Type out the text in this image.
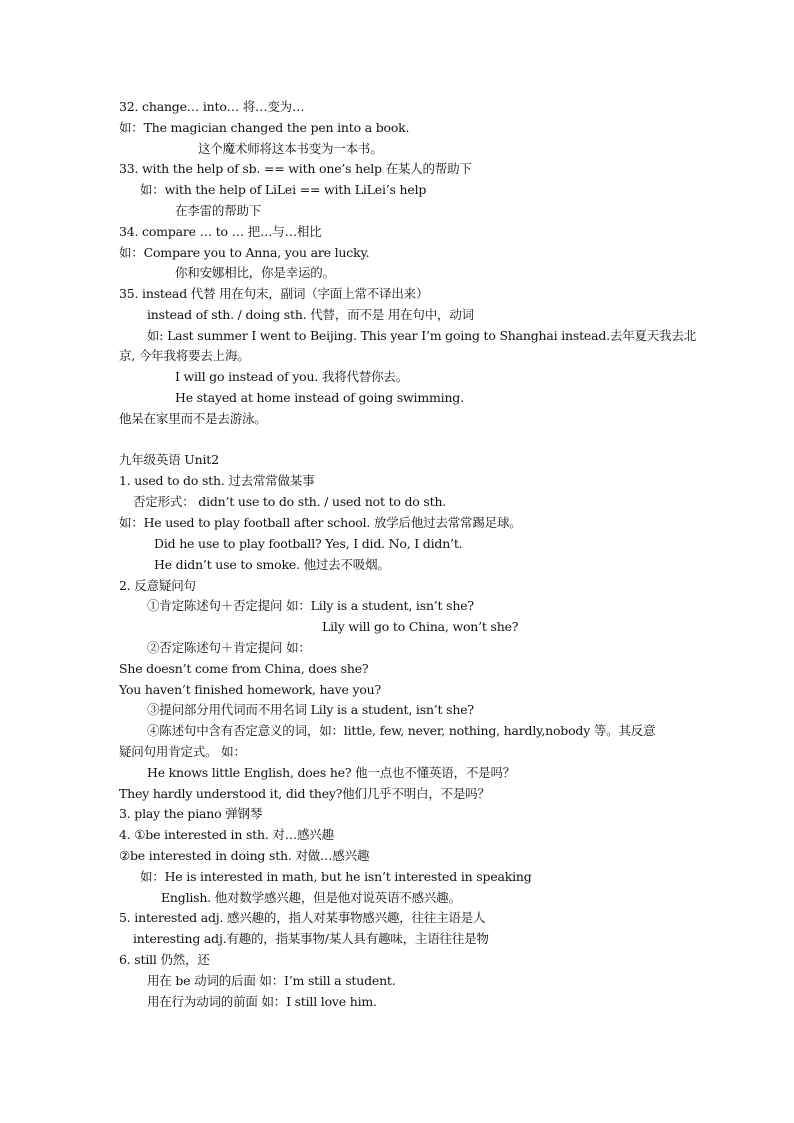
32. change… into… 将…变为…
如：The magician changed the pen into a book.
这个魔术师将这本书变为一本书。
33. with the help of sb. == with one’s help 在某人的帮助下
如：with the help of LiLei == with LiLei’s help
在李雷的帮助下
34. compare … to … 把…与…相比
如：Compare you to Anna, you are lucky.
你和安娜相比，你是幸运的。
35. instead 代替 用在句末，副词（字面上常不译出来）
instead of sth. / doing sth. 代替，而不是 用在句中，动词
如: Last summer I went to Beijing. This year I’m going to Shanghai instead.去年夏天我去北
京, 今年我将要去上海。
I will go instead of you. 我将代替你去。
He stayed at home instead of going swimming.
他呆在家里而不是去游泳。
九年级英语 Unit2
1. used to do sth. 过去常常做某事
否定形式： didn’t use to do sth. / used not to do sth.
如：He used to play football after school. 放学后他过去常常踢足球。
Did he use to play football? Yes, I did. No, I didn’t.
He didn’t use to smoke. 他过去不吸烟。
2. 反意疑问句
①肯定陈述句＋否定提问 如：Lily is a student, isn’t she?
Lily will go to China, won’t she?
②否定陈述句＋肯定提问 如：
She doesn’t come from China, does she?
You haven’t finished homework, have you?
③提问部分用代词而不用名词 Lily is a student, isn’t she?
④陈述句中含有否定意义的词，如：little, few, never, nothing, hardly,nobody 等。其反意
疑问句用肯定式。 如：
He knows little English, does he? 他一点也不懂英语，不是吗？
They hardly understood it, did they?他们几乎不明白，不是吗？
3. play the piano 弹钢琴
4. ①be interested in sth. 对…感兴趣
②be interested in doing sth. 对做…感兴趣
如：He is interested in math, but he isn’t interested in speaking
English. 他对数学感兴趣，但是他对说英语不感兴趣。
5. interested adj. 感兴趣的，指人对某事物感兴趣，往往主语是人
interesting adj.有趣的，指某事物/某人具有趣味，主语往往是物
6. still 仍然，还
用在 be 动词的后面 如：I’m still a student.
用在行为动词的前面 如：I still love him.
